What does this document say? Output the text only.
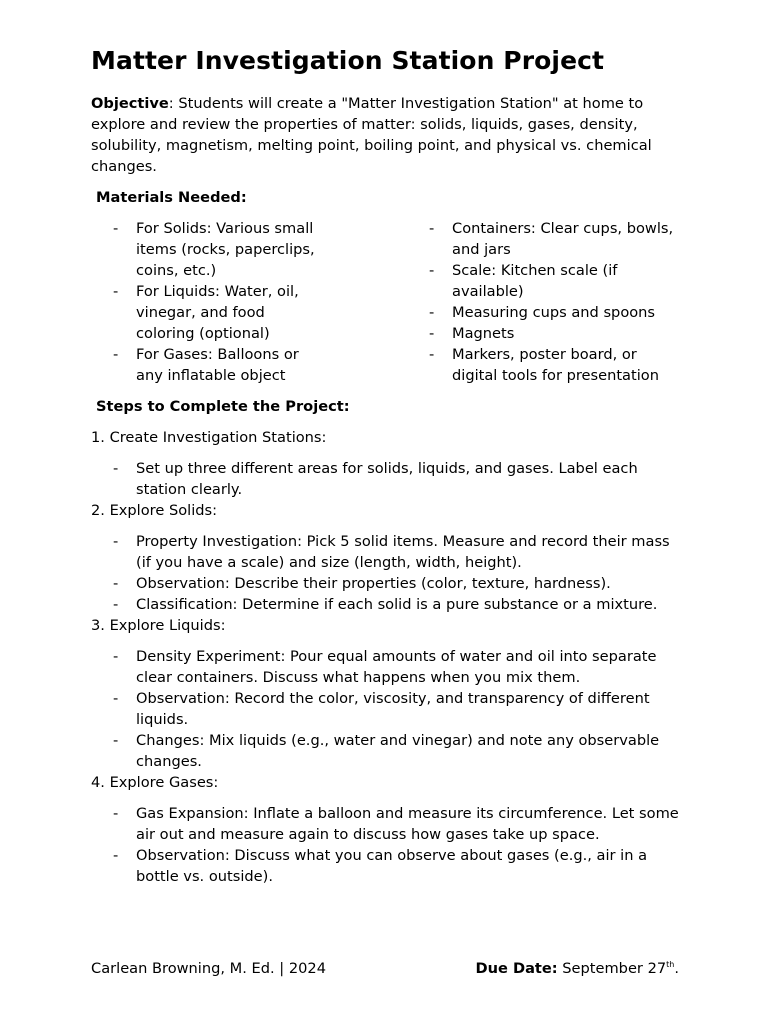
Matter Investigation Station Project

Objective: Students will create a "Matter Investigation Station" at home to explore and review the properties of matter: solids, liquids, gases, density, solubility, magnetism, melting point, boiling point, and physical vs. chemical changes.

Materials Needed:
- For Solids: Various small items (rocks, paperclips, coins, etc.)
- For Liquids: Water, oil, vinegar, and food coloring (optional)
- For Gases: Balloons or any inflatable object
- Containers: Clear cups, bowls, and jars
- Scale: Kitchen scale (if available)
- Measuring cups and spoons
- Magnets
- Markers, poster board, or digital tools for presentation
Steps to Complete the Project:
1. Create Investigation Stations:
- Set up three different areas for solids, liquids, and gases. Label each station clearly.
2. Explore Solids:
- Property Investigation: Pick 5 solid items. Measure and record their mass (if you have a scale) and size (length, width, height).
- Observation: Describe their properties (color, texture, hardness).
- Classification: Determine if each solid is a pure substance or a mixture.
3. Explore Liquids:
- Density Experiment: Pour equal amounts of water and oil into separate clear containers. Discuss what happens when you mix them.
- Observation: Record the color, viscosity, and transparency of different liquids.
- Changes: Mix liquids (e.g., water and vinegar) and note any observable changes.
4. Explore Gases:
- Gas Expansion: Inflate a balloon and measure its circumference. Let some air out and measure again to discuss how gases take up space.
- Observation: Discuss what you can observe about gases (e.g., air in a bottle vs. outside).
Carlean Browning, M. Ed. | 2024	Due Date: September 27th.
